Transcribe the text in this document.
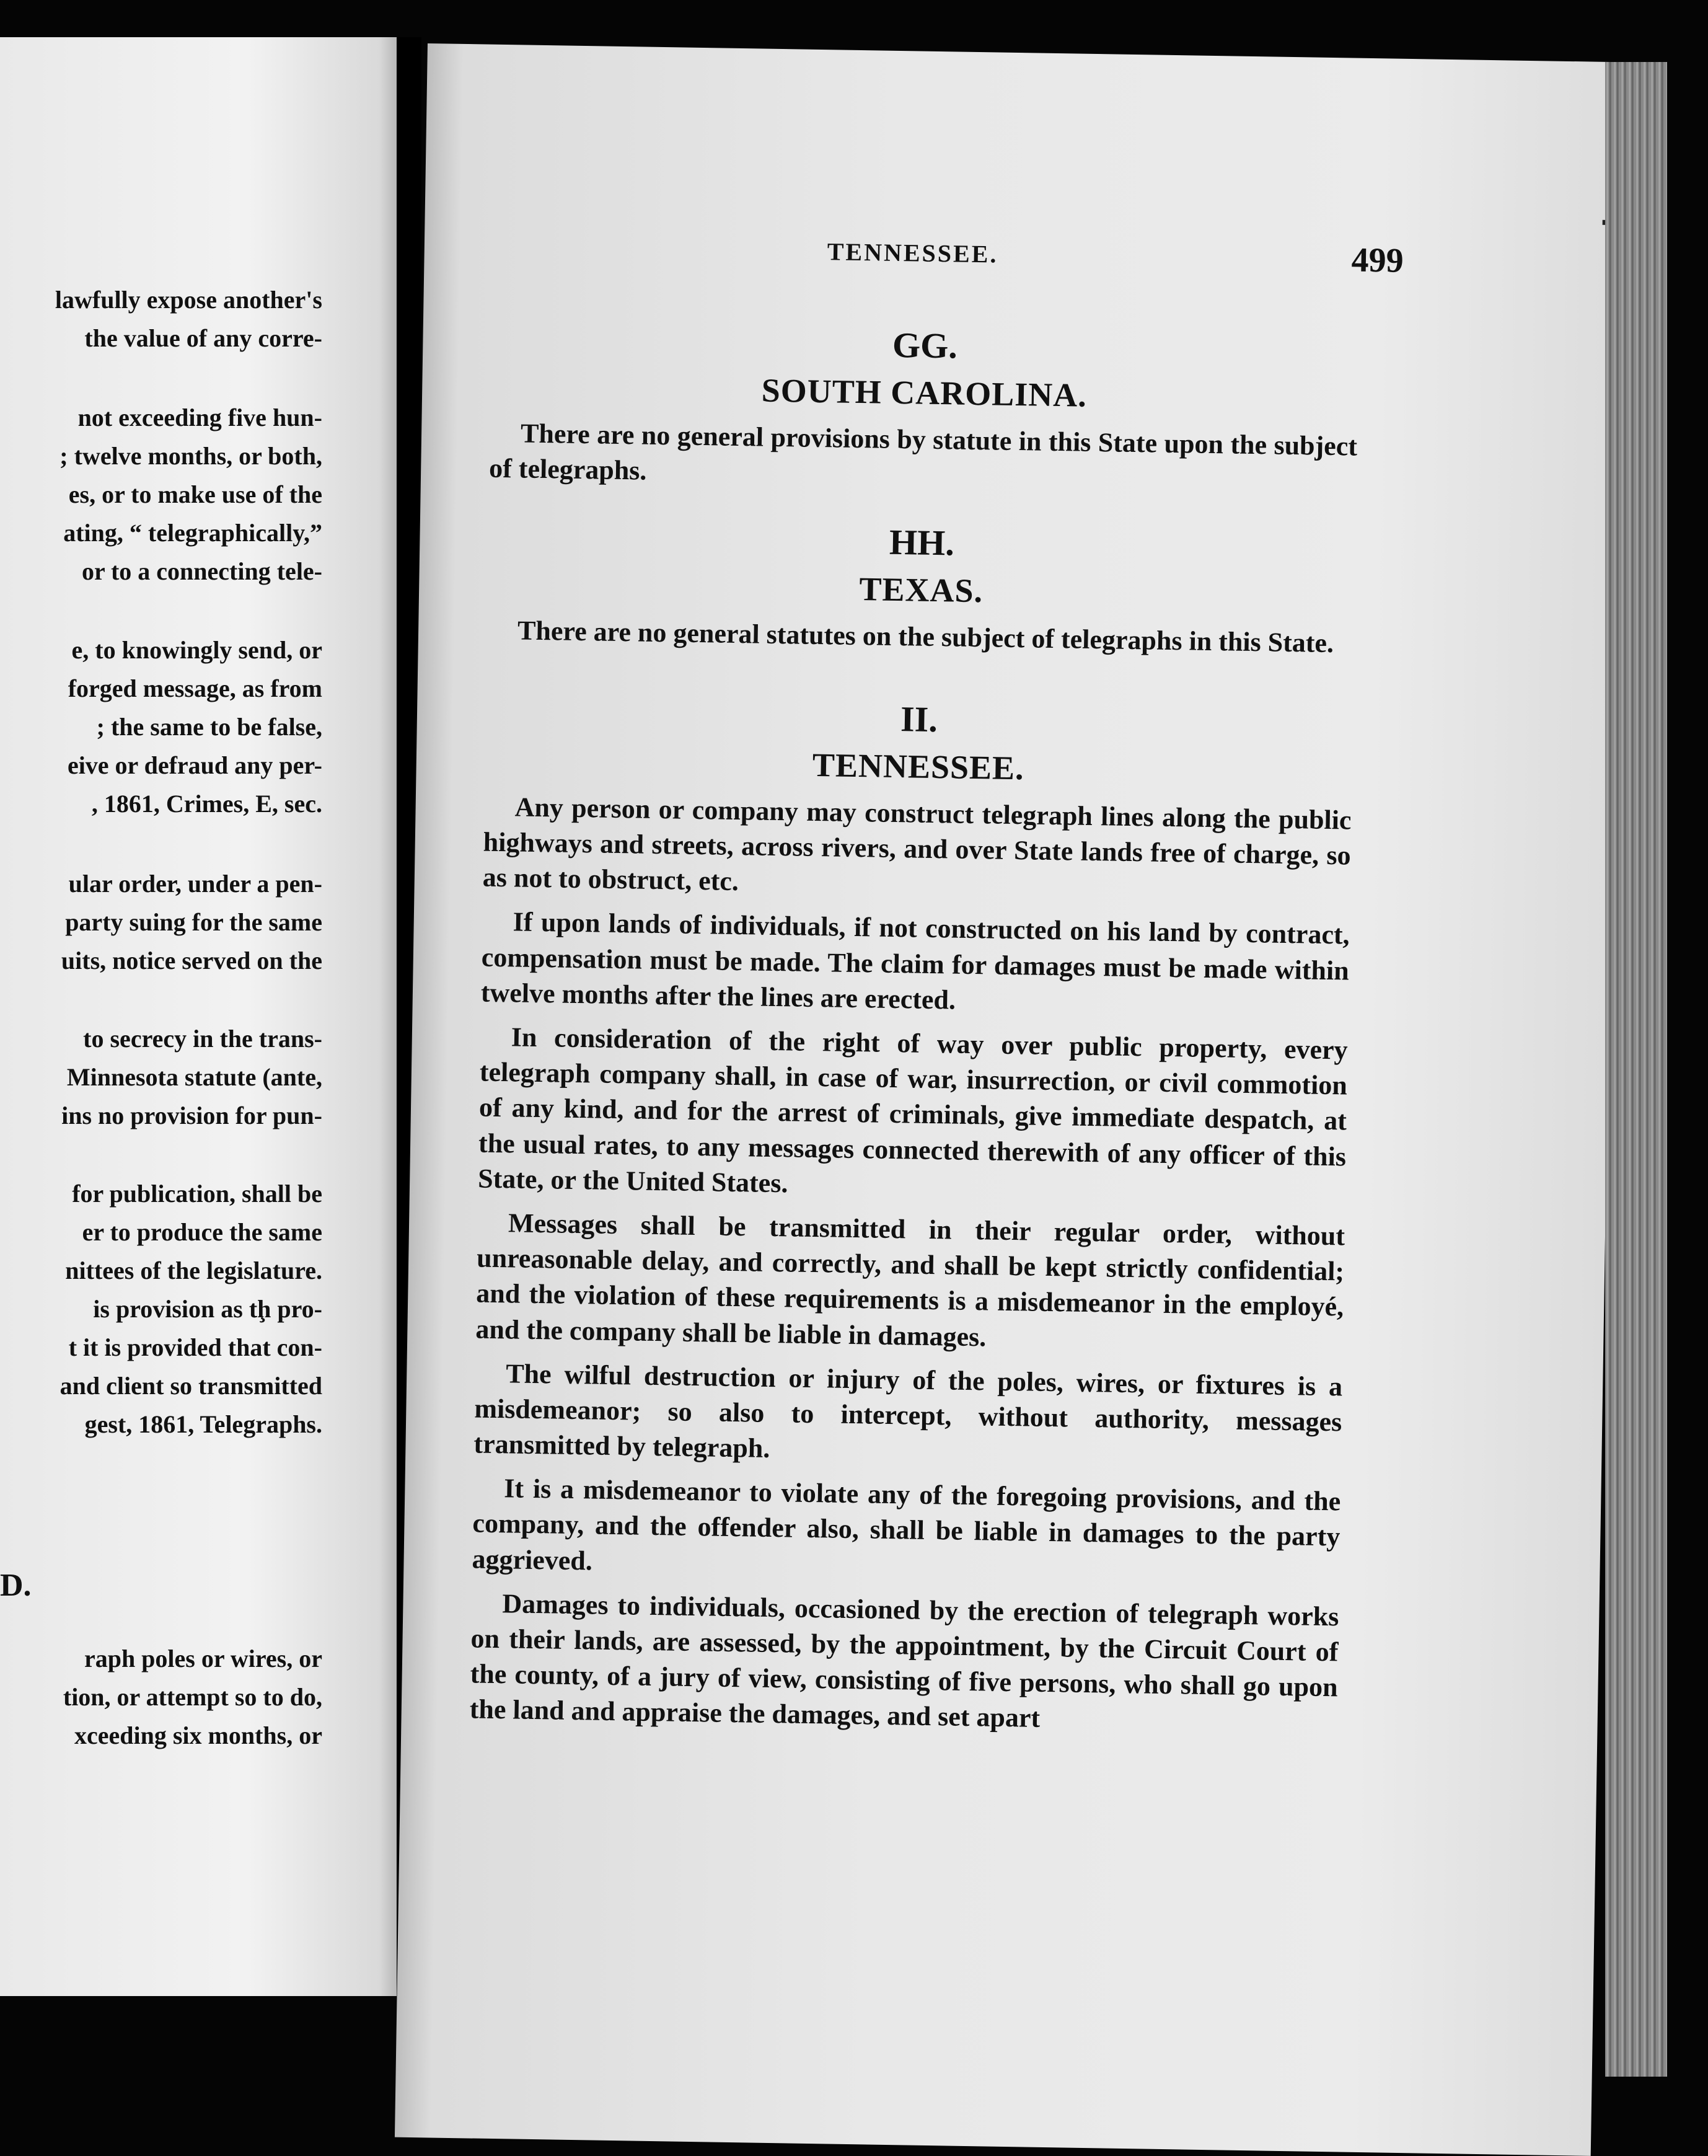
lawfully expose another's
the value of any corre-
not exceeding five hun-
; twelve months, or both,
es, or to make use of the
ating, “ telegraphically,”
or to a connecting tele-
e, to knowingly send, or
forged message, as from
; the same to be false,
eive or defraud any per-
, 1861, Crimes, E, sec.
ular order, under a pen-
party suing for the same
uits, notice served on the
to secrecy in the trans-
Minnesota statute (ante,
ins no provision for pun-
for publication, shall be
er to produce the same
nittees of the legislature.
is provision as tḩ pro-
t it is provided that con-
and client so transmitted
gest, 1861, Telegraphs.
D.
raph poles or wires, or
tion, or attempt so to do,
xceeding six months, or
TENNESSEE.	499
GG.
SOUTH CAROLINA.

There are no general provisions by statute in this State upon the subject of telegraphs.

HH.
TEXAS.

There are no general statutes on the subject of telegraphs in this State.

II.
TENNESSEE.

Any person or company may construct telegraph lines along the public highways and streets, across rivers, and over State lands free of charge, so as not to obstruct, etc.

If upon lands of individuals, if not constructed on his land by contract, compensation must be made. The claim for damages must be made within twelve months after the lines are erected.

In consideration of the right of way over public property, every telegraph company shall, in case of war, insurrection, or civil commotion of any kind, and for the arrest of criminals, give immediate despatch, at the usual rates, to any messages connected therewith of any officer of this State, or the United States.

Messages shall be transmitted in their regular order, without unreasonable delay, and correctly, and shall be kept strictly confidential; and the violation of these requirements is a misdemeanor in the employé, and the company shall be liable in damages.

The wilful destruction or injury of the poles, wires, or fixtures is a misdemeanor; so also to intercept, without authority, messages transmitted by telegraph.

It is a misdemeanor to violate any of the foregoing provisions, and the company, and the offender also, shall be liable in damages to the party aggrieved.

Damages to individuals, occasioned by the erection of telegraph works on their lands, are assessed, by the appointment, by the Circuit Court of the county, of a jury of view, consisting of five persons, who shall go upon the land and appraise the damages, and set apart
